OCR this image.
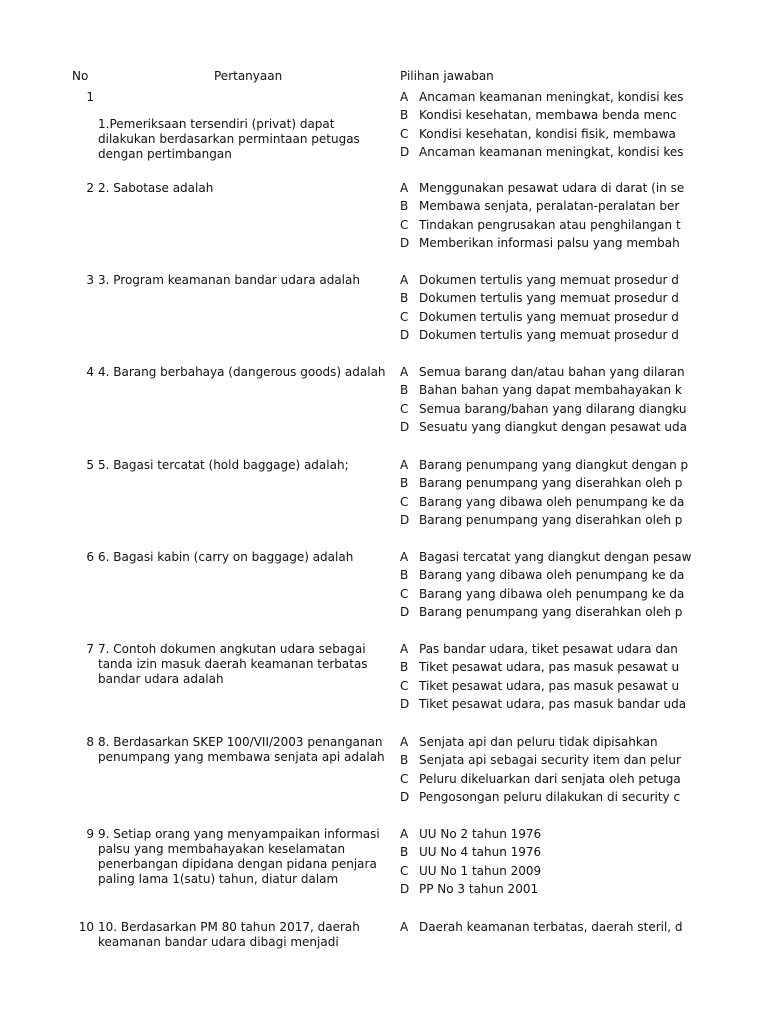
No	Pertanyaan	Pilihan jawaban
1
1.Pemeriksaan tersendiri (privat) dapat dilakukan berdasarkan permintaan petugas dengan pertimbangan
A Ancaman keamanan meningkat, kondisi kes
B Kondisi kesehatan, membawa benda menc
C Kondisi kesehatan, kondisi fisik, membawa
D Ancaman keamanan meningkat, kondisi kes
2 2. Sabotase adalah	A Menggunakan pesawat udara di darat (in se
B Membawa senjata, peralatan-peralatan ber
C Tindakan pengrusakan atau penghilangan t
D Memberikan informasi palsu yang membah
3 3. Program keamanan bandar udara adalah	A Dokumen tertulis yang memuat prosedur d
B Dokumen tertulis yang memuat prosedur d
C Dokumen tertulis yang memuat prosedur d
D Dokumen tertulis yang memuat prosedur d
4 4. Barang berbahaya (dangerous goods) adalah A Semua barang dan/atau bahan yang dilaran
B Bahan bahan yang dapat membahayakan k
C Semua barang/bahan yang dilarang diangku
D Sesuatu yang diangkut dengan pesawat uda
5 5. Bagasi tercatat (hold baggage) adalah;	A Barang penumpang yang diangkut dengan p
B Barang penumpang yang diserahkan oleh p
C Barang yang dibawa oleh penumpang ke da
D Barang penumpang yang diserahkan oleh p
6 6. Bagasi kabin (carry on baggage) adalah	A Bagasi tercatat yang diangkut dengan pesaw
B Barang yang dibawa oleh penumpang ke da
C Barang yang dibawa oleh penumpang ke da
D Barang penumpang yang diserahkan oleh p
7 7. Contoh dokumen angkutan udara sebagai tanda izin masuk daerah keamanan terbatas bandar udara adalah
A Pas bandar udara, tiket pesawat udara dan
B Tiket pesawat udara, pas masuk pesawat u
C Tiket pesawat udara, pas masuk pesawat u
D Tiket pesawat udara, pas masuk bandar uda
8 8. Berdasarkan SKEP 100/VII/2003 penanganan penumpang yang membawa senjata api adalah
A Senjata api dan peluru tidak dipisahkan
B Senjata api sebagai security item dan pelur
C Peluru dikeluarkan dari senjata oleh petuga
D Pengosongan peluru dilakukan di security c
9 9. Setiap orang yang menyampaikan informasi palsu yang membahayakan keselamatan penerbangan dipidana dengan pidana penjara paling lama 1(satu) tahun, diatur dalam
A UU No 2 tahun 1976
B UU No 4 tahun 1976
C UU No 1 tahun 2009
D PP No 3 tahun 2001
10 10. Berdasarkan PM 80 tahun 2017, daerah keamanan bandar udara dibagi menjadi
A Daerah keamanan terbatas, daerah steril, d
